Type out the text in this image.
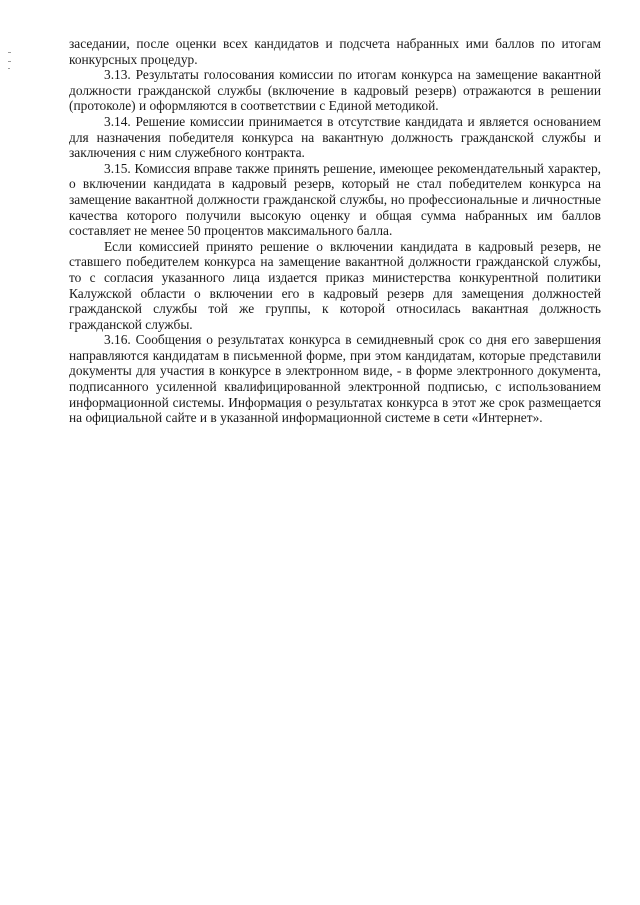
заседании, после оценки всех кандидатов и подсчета набранных ими баллов по итогам конкурсных процедур.

3.13. Результаты голосования комиссии по итогам конкурса на замещение вакантной должности гражданской службы (включение в кадровый резерв) отражаются в решении (протоколе) и оформляются в соответствии с Единой методикой.

3.14. Решение комиссии принимается в отсутствие кандидата и является основанием для назначения победителя конкурса на вакантную должность гражданской службы и заключения с ним служебного контракта.

3.15. Комиссия вправе также принять решение, имеющее рекомендательный характер, о включении кандидата в кадровый резерв, который не стал победителем конкурса на замещение вакантной должности гражданской службы, но профессиональные и личностные качества которого получили высокую оценку и общая сумма набранных им баллов составляет не менее 50 процентов максимального балла.

Если комиссией принято решение о включении кандидата в кадровый резерв, не ставшего победителем конкурса на замещение вакантной должности гражданской службы, то с согласия указанного лица издается приказ министерства конкурентной политики Калужской области о включении его в кадровый резерв для замещения должностей гражданской службы той же группы, к которой относилась вакантная должность гражданской службы.

3.16. Сообщения о результатах конкурса в семидневный срок со дня его завершения направляются кандидатам в письменной форме, при этом кандидатам, которые представили документы для участия в конкурсе в электронном виде, - в форме электронного документа, подписанного усиленной квалифицированной электронной подписью, с использованием информационной системы. Информация о результатах конкурса в этот же срок размещается на официальной сайте и в указанной информационной системе в сети «Интернет».
